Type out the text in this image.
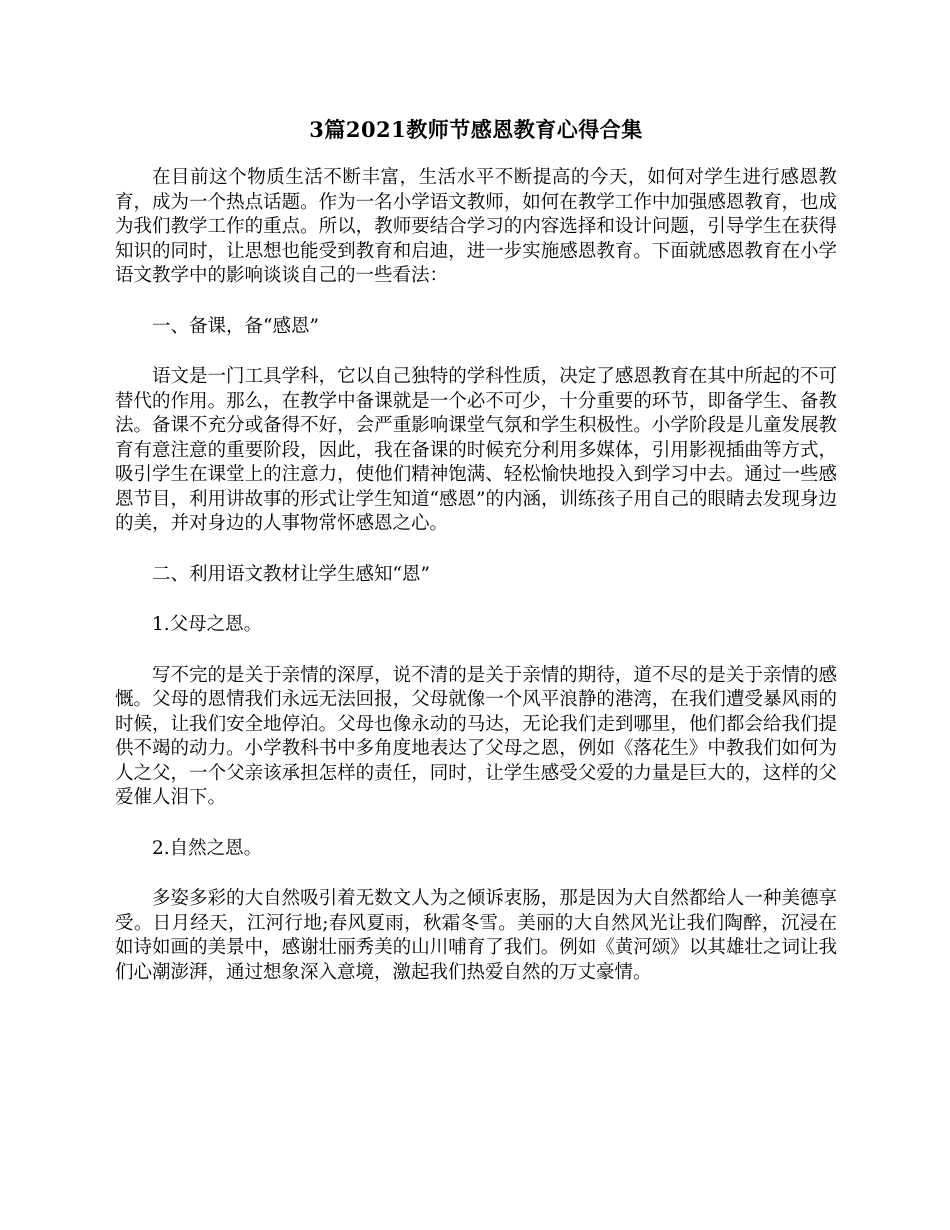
3篇2021教师节感恩教育心得合集

在目前这个物质生活不断丰富，生活水平不断提高的今天，如何对学生进行感恩教育，成为一个热点话题。作为一名小学语文教师，如何在教学工作中加强感恩教育，也成为我们教学工作的重点。所以，教师要结合学习的内容选择和设计问题，引导学生在获得知识的同时，让思想也能受到教育和启迪，进一步实施感恩教育。下面就感恩教育在小学语文教学中的影响谈谈自己的一些看法：

一、备课，备“感恩”

语文是一门工具学科，它以自己独特的学科性质，决定了感恩教育在其中所起的不可替代的作用。那么，在教学中备课就是一个必不可少，十分重要的环节，即备学生、备教法。备课不充分或备得不好，会严重影响课堂气氛和学生积极性。小学阶段是儿童发展教育有意注意的重要阶段，因此，我在备课的时候充分利用多媒体，引用影视插曲等方式，吸引学生在课堂上的注意力，使他们精神饱满、轻松愉快地投入到学习中去。通过一些感恩节目，利用讲故事的形式让学生知道“感恩”的内涵，训练孩子用自己的眼睛去发现身边的美，并对身边的人事物常怀感恩之心。

二、利用语文教材让学生感知“恩”

1.父母之恩。

写不完的是关于亲情的深厚，说不清的是关于亲情的期待，道不尽的是关于亲情的感慨。父母的恩情我们永远无法回报，父母就像一个风平浪静的港湾，在我们遭受暴风雨的时候，让我们安全地停泊。父母也像永动的马达，无论我们走到哪里，他们都会给我们提供不竭的动力。小学教科书中多角度地表达了父母之恩，例如《落花生》中教我们如何为人之父，一个父亲该承担怎样的责任，同时，让学生感受父爱的力量是巨大的，这样的父爱催人泪下。

2.自然之恩。

多姿多彩的大自然吸引着无数文人为之倾诉衷肠，那是因为大自然都给人一种美德享受。日月经天，江河行地;春风夏雨，秋霜冬雪。美丽的大自然风光让我们陶醉，沉浸在如诗如画的美景中，感谢壮丽秀美的山川哺育了我们。例如《黄河颂》以其雄壮之词让我们心潮澎湃，通过想象深入意境，激起我们热爱自然的万丈豪情。
